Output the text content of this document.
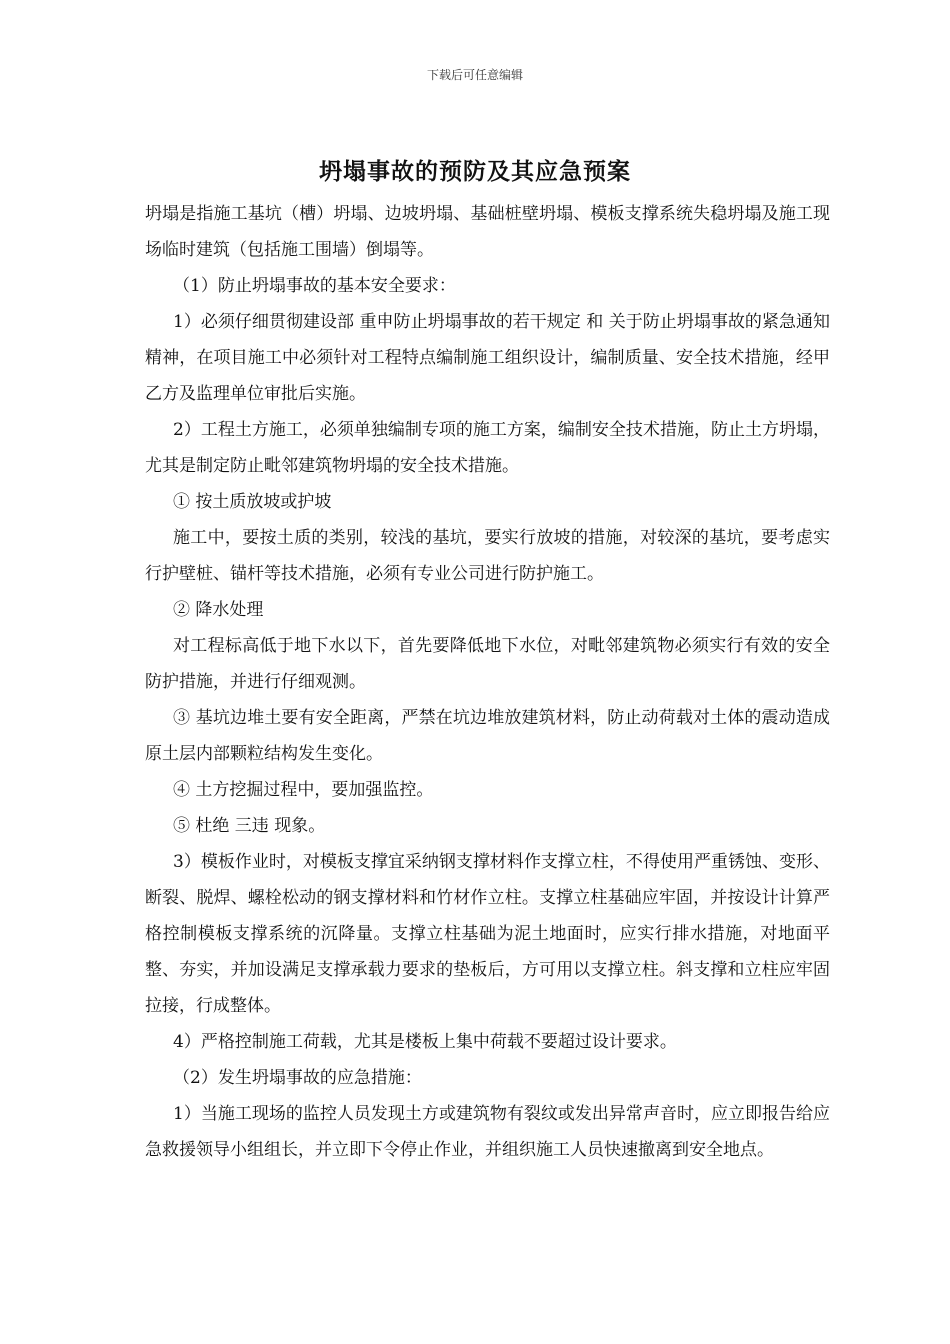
下载后可任意编辑
坍塌事故的预防及其应急预案

坍塌是指施工基坑（槽）坍塌、边坡坍塌、基础桩壁坍塌、模板支撑系统失稳坍塌及施工现场临时建筑（包括施工围墙）倒塌等。

（1）防止坍塌事故的基本安全要求：

1）必须仔细贯彻建设部 重申防止坍塌事故的若干规定 和 关于防止坍塌事故的紧急通知 精神，在项目施工中必须针对工程特点编制施工组织设计，编制质量、安全技术措施，经甲乙方及监理单位审批后实施。

2）工程土方施工，必须单独编制专项的施工方案，编制安全技术措施，防止土方坍塌，尤其是制定防止毗邻建筑物坍塌的安全技术措施。

① 按土质放坡或护坡

施工中，要按土质的类别，较浅的基坑，要实行放坡的措施，对较深的基坑，要考虑实行护壁桩、锚杆等技术措施，必须有专业公司进行防护施工。

② 降水处理

对工程标高低于地下水以下，首先要降低地下水位，对毗邻建筑物必须实行有效的安全防护措施，并进行仔细观测。

③ 基坑边堆土要有安全距离，严禁在坑边堆放建筑材料，防止动荷载对土体的震动造成原土层内部颗粒结构发生变化。

④ 土方挖掘过程中，要加强监控。

⑤ 杜绝 三违 现象。

3）模板作业时，对模板支撑宜采纳钢支撑材料作支撑立柱，不得使用严重锈蚀、变形、断裂、脱焊、螺栓松动的钢支撑材料和竹材作立柱。支撑立柱基础应牢固，并按设计计算严格控制模板支撑系统的沉降量。支撑立柱基础为泥土地面时，应实行排水措施，对地面平整、夯实，并加设满足支撑承载力要求的垫板后，方可用以支撑立柱。斜支撑和立柱应牢固拉接，行成整体。

4）严格控制施工荷载，尤其是楼板上集中荷载不要超过设计要求。

（2）发生坍塌事故的应急措施：

1）当施工现场的监控人员发现土方或建筑物有裂纹或发出异常声音时，应立即报告给应急救援领导小组组长，并立即下令停止作业，并组织施工人员快速撤离到安全地点。
